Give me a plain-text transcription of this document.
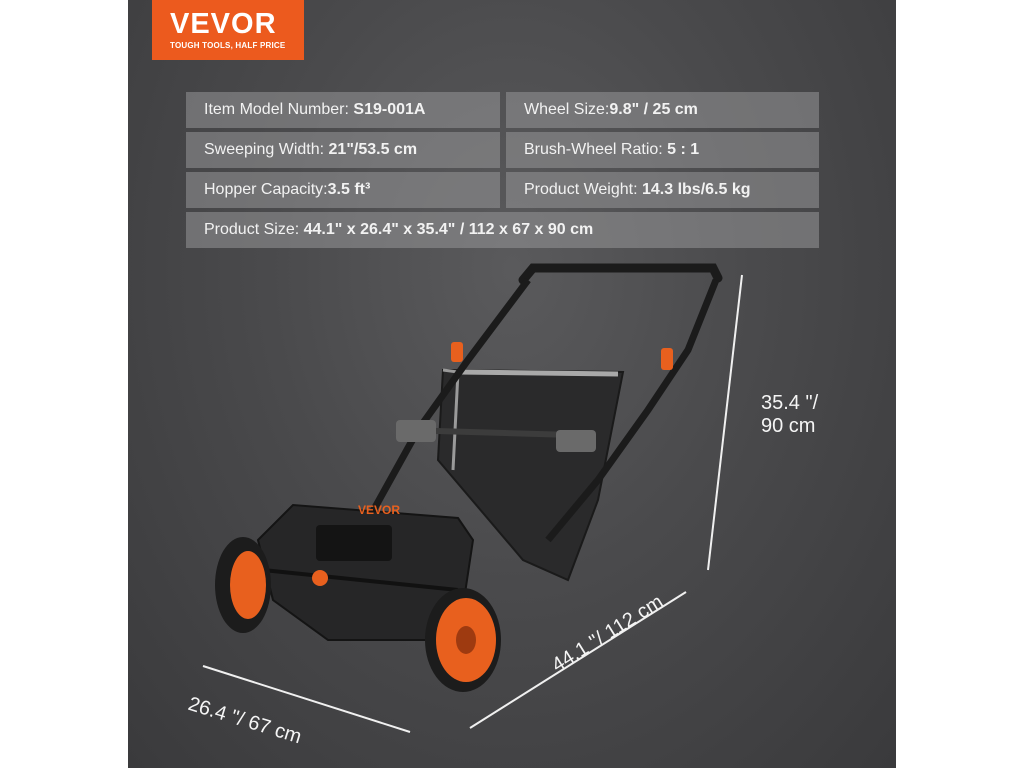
VEVOR
TOUGH TOOLS, HALF PRICE
Item Model Number: S19-001A	Wheel Size:9.8" / 25 cm
Sweeping Width: 21"/53.5 cm	Brush-Wheel Ratio: 5 : 1
Hopper Capacity:3.5 ft³	Product Weight: 14.3 lbs/6.5 kg
Product Size: 44.1" x 26.4" x 35.4" / 112 x 67 x 90 cm
VEVOR
35.4 "/
90 cm
44.1 "/ 112 cm
26.4 "/ 67 cm
